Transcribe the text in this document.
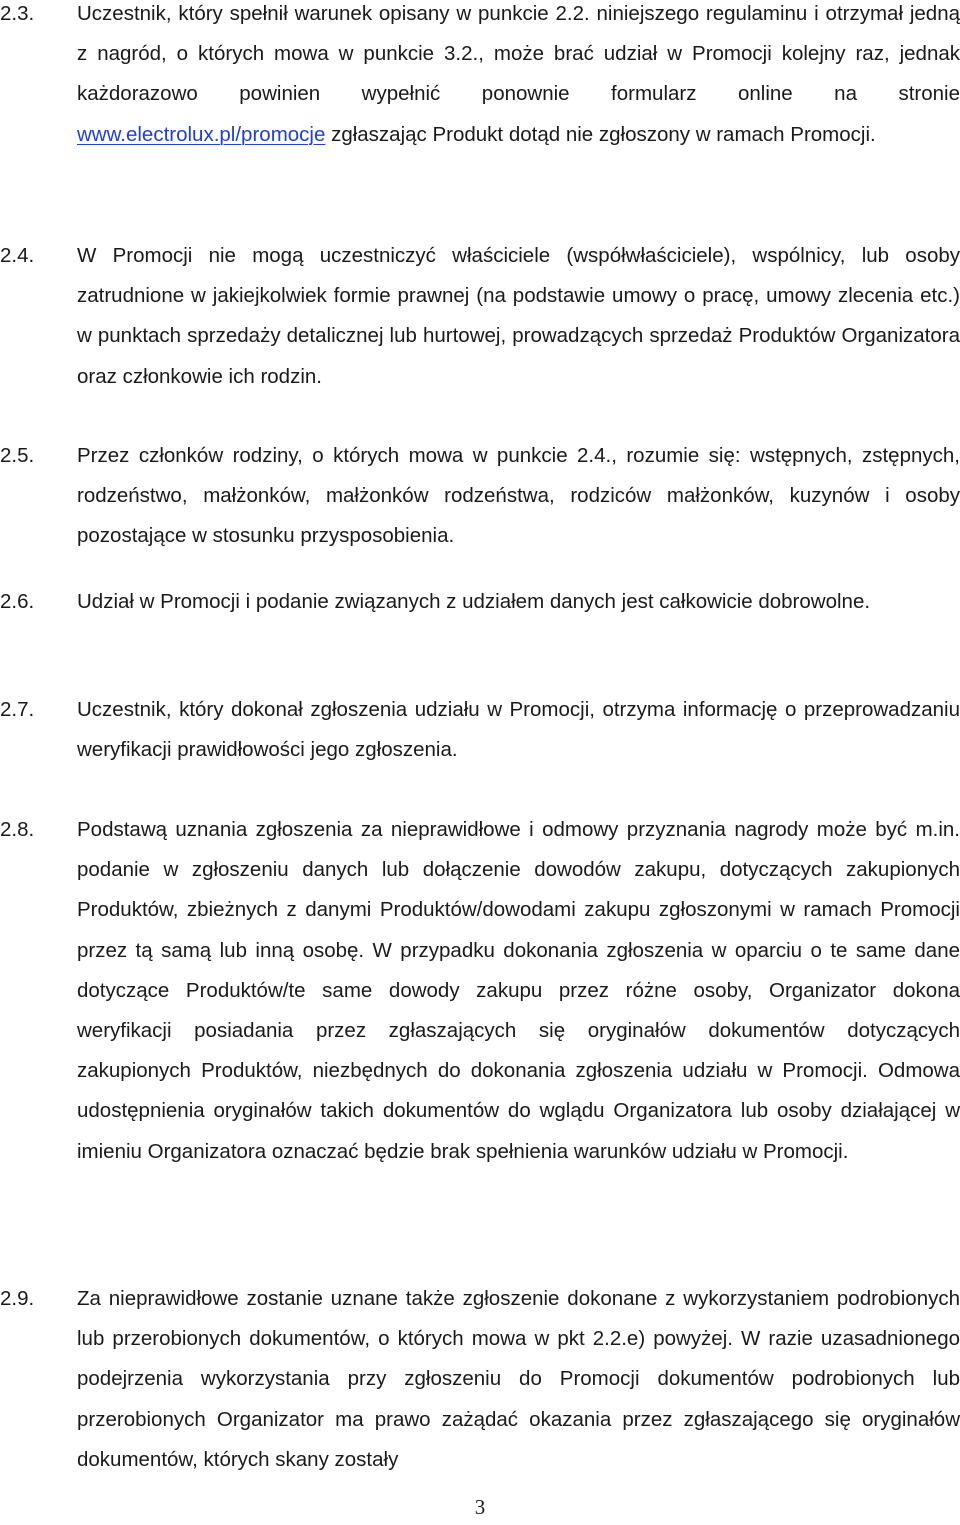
2.3. Uczestnik, który spełnił warunek opisany w punkcie 2.2. niniejszego regulaminu i otrzymał jedną z nagród, o których mowa w punkcie 3.2., może brać udział w Promocji kolejny raz, jednak każdorazowo powinien wypełnić ponownie formularz online na stronie www.electrolux.pl/promocje zgłaszając Produkt dotąd nie zgłoszony w ramach Promocji.
2.4. W Promocji nie mogą uczestniczyć właściciele (współwłaściciele), wspólnicy, lub osoby zatrudnione w jakiejkolwiek formie prawnej (na podstawie umowy o pracę, umowy zlecenia etc.) w punktach sprzedaży detalicznej lub hurtowej, prowadzących sprzedaż Produktów Organizatora oraz członkowie ich rodzin.
2.5. Przez członków rodziny, o których mowa w punkcie 2.4., rozumie się: wstępnych, zstępnych, rodzeństwo, małżonków, małżonków rodzeństwa, rodziców małżonków, kuzynów i osoby pozostające w stosunku przysposobienia.
2.6. Udział w Promocji i podanie związanych z udziałem danych jest całkowicie dobrowolne.
2.7. Uczestnik, który dokonał zgłoszenia udziału w Promocji, otrzyma informację o przeprowadzaniu weryfikacji prawidłowości jego zgłoszenia.
2.8. Podstawą uznania zgłoszenia za nieprawidłowe i odmowy przyznania nagrody może być m.in. podanie w zgłoszeniu danych lub dołączenie dowodów zakupu, dotyczących zakupionych Produktów, zbieżnych z danymi Produktów/dowodami zakupu zgłoszonymi w ramach Promocji przez tą samą lub inną osobę. W przypadku dokonania zgłoszenia w oparciu o te same dane dotyczące Produktów/te same dowody zakupu przez różne osoby, Organizator dokona weryfikacji posiadania przez zgłaszających się oryginałów dokumentów dotyczących zakupionych Produktów, niezbędnych do dokonania zgłoszenia udziału w Promocji. Odmowa udostępnienia oryginałów takich dokumentów do wglądu Organizatora lub osoby działającej w imieniu Organizatora oznaczać będzie brak spełnienia warunków udziału w Promocji.
2.9. Za nieprawidłowe zostanie uznane także zgłoszenie dokonane z wykorzystaniem podrobionych lub przerobionych dokumentów, o których mowa w pkt 2.2.e) powyżej. W razie uzasadnionego podejrzenia wykorzystania przy zgłoszeniu do Promocji dokumentów podrobionych lub przerobionych Organizator ma prawo zażądać okazania przez zgłaszającego się oryginałów dokumentów, których skany zostały
3
